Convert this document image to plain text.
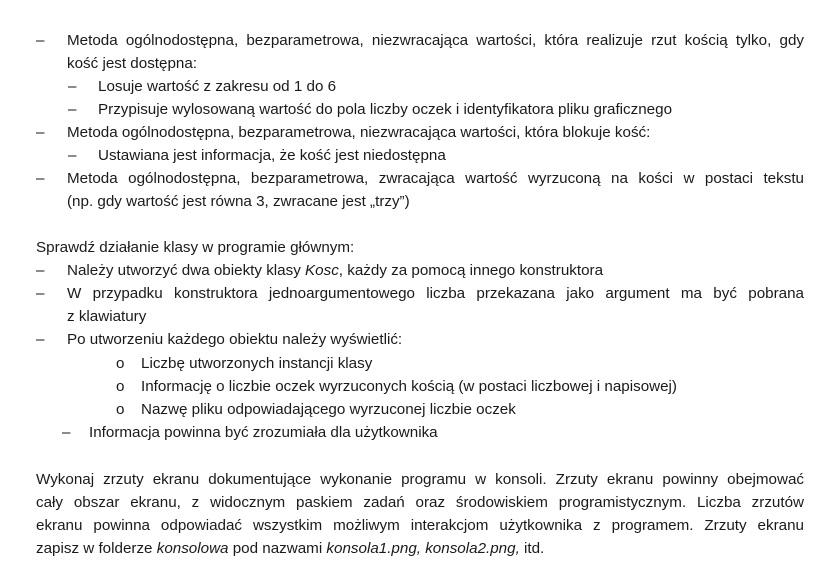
– Metoda ogólnodostępna, bezparametrowa, niezwracająca wartości, która realizuje rzut kością tylko, gdy
kość jest dostępna:
– Losuje wartość z zakresu od 1 do 6
– Przypisuje wylosowaną wartość do pola liczby oczek i identyfikatora pliku graficznego
– Metoda ogólnodostępna, bezparametrowa, niezwracająca wartości, która blokuje kość:
– Ustawiana jest informacja, że kość jest niedostępna
– Metoda ogólnodostępna, bezparametrowa, zwracająca wartość wyrzuconą na kości w postaci tekstu
(np. gdy wartość jest równa 3, zwracane jest „trzy”)
Sprawdź działanie klasy w programie głównym:
– Należy utworzyć dwa obiekty klasy Kosc, każdy za pomocą innego konstruktora
– W przypadku konstruktora jednoargumentowego liczba przekazana jako argument ma być pobrana
z klawiatury
– Po utworzeniu każdego obiektu należy wyświetlić:
o Liczbę utworzonych instancji klasy
o Informację o liczbie oczek wyrzuconych kością (w postaci liczbowej i napisowej)
o Nazwę pliku odpowiadającego wyrzuconej liczbie oczek
– Informacja powinna być zrozumiała dla użytkownika
Wykonaj zrzuty ekranu dokumentujące wykonanie programu w konsoli. Zrzuty ekranu powinny obejmować
cały obszar ekranu, z widocznym paskiem zadań oraz środowiskiem programistycznym. Liczba zrzutów
ekranu powinna odpowiadać wszystkim możliwym interakcjom użytkownika z programem. Zrzuty ekranu
zapisz w folderze konsolowa pod nazwami konsola1.png, konsola2.png, itd.
